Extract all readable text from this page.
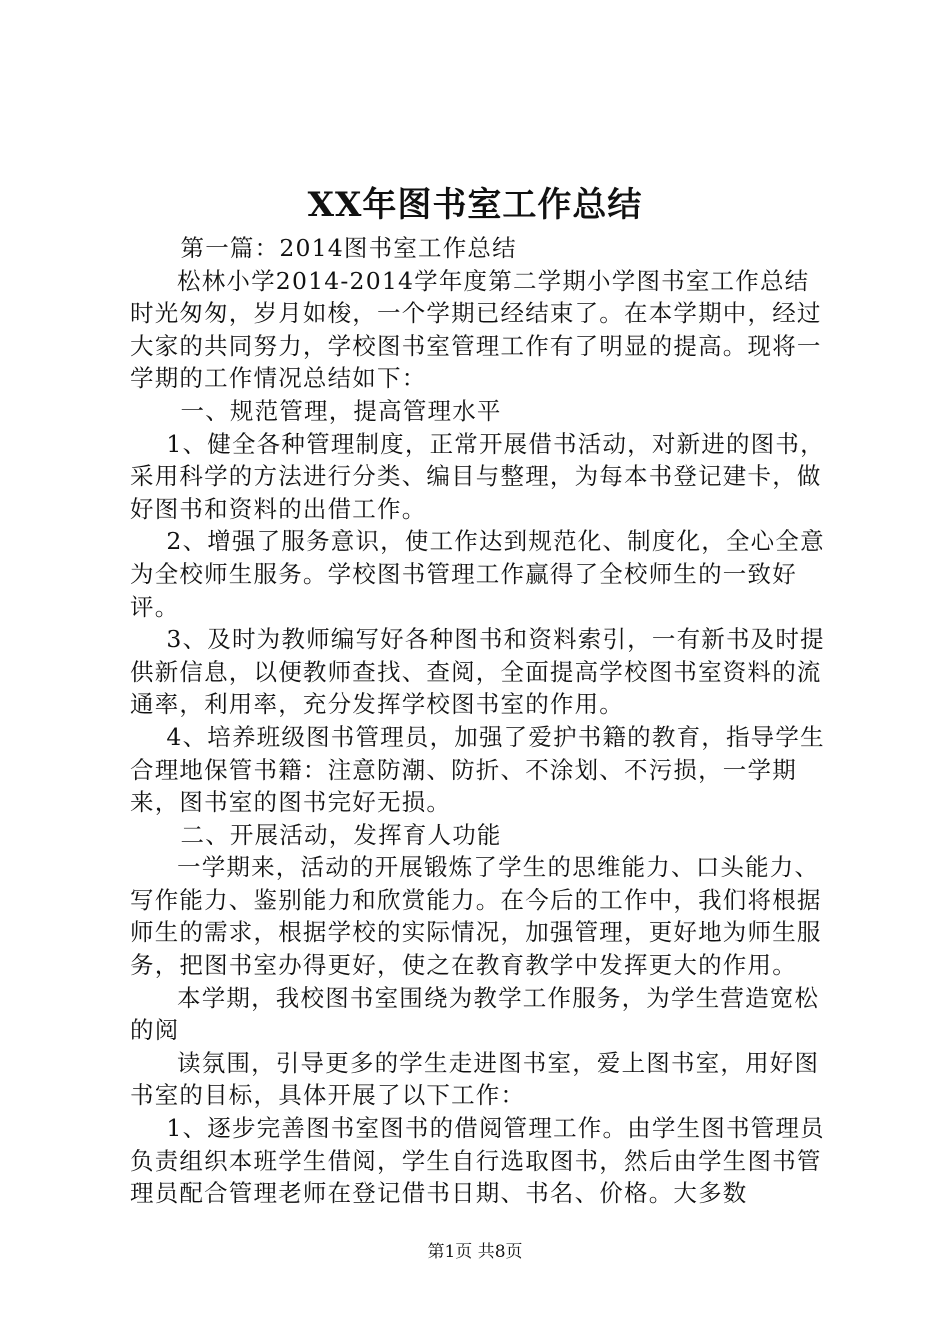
XX年图书室工作总结

第一篇：2014图书室工作总结

松林小学2014-2014学年度第二学期小学图书室工作总结

时光匆匆，岁月如梭，一个学期已经结束了。在本学期中，经过大家的共同努力，学校图书室管理工作有了明显的提高。现将一学期的工作情况总结如下：

一、规范管理，提高管理水平

1、健全各种管理制度，正常开展借书活动，对新进的图书，采用科学的方法进行分类、编目与整理，为每本书登记建卡，做好图书和资料的出借工作。

2、增强了服务意识，使工作达到规范化、制度化，全心全意为全校师生服务。学校图书管理工作赢得了全校师生的一致好评。

3、及时为教师编写好各种图书和资料索引，一有新书及时提供新信息，以便教师查找、查阅，全面提高学校图书室资料的流通率，利用率，充分发挥学校图书室的作用。

4、培养班级图书管理员，加强了爱护书籍的教育，指导学生合理地保管书籍：注意防潮、防折、不涂划、不污损，一学期来，图书室的图书完好无损。

二、开展活动，发挥育人功能

一学期来，活动的开展锻炼了学生的思维能力、口头能力、写作能力、鉴别能力和欣赏能力。在今后的工作中，我们将根据师生的需求，根据学校的实际情况，加强管理，更好地为师生服务，把图书室办得更好，使之在教育教学中发挥更大的作用。

本学期，我校图书室围绕为教学工作服务，为学生营造宽松的阅

读氛围，引导更多的学生走进图书室，爱上图书室，用好图书室的目标，具体开展了以下工作：

1、逐步完善图书室图书的借阅管理工作。由学生图书管理员负责组织本班学生借阅，学生自行选取图书，然后由学生图书管理员配合管理老师在登记借书日期、书名、价格。大多数

第1页 共8页
